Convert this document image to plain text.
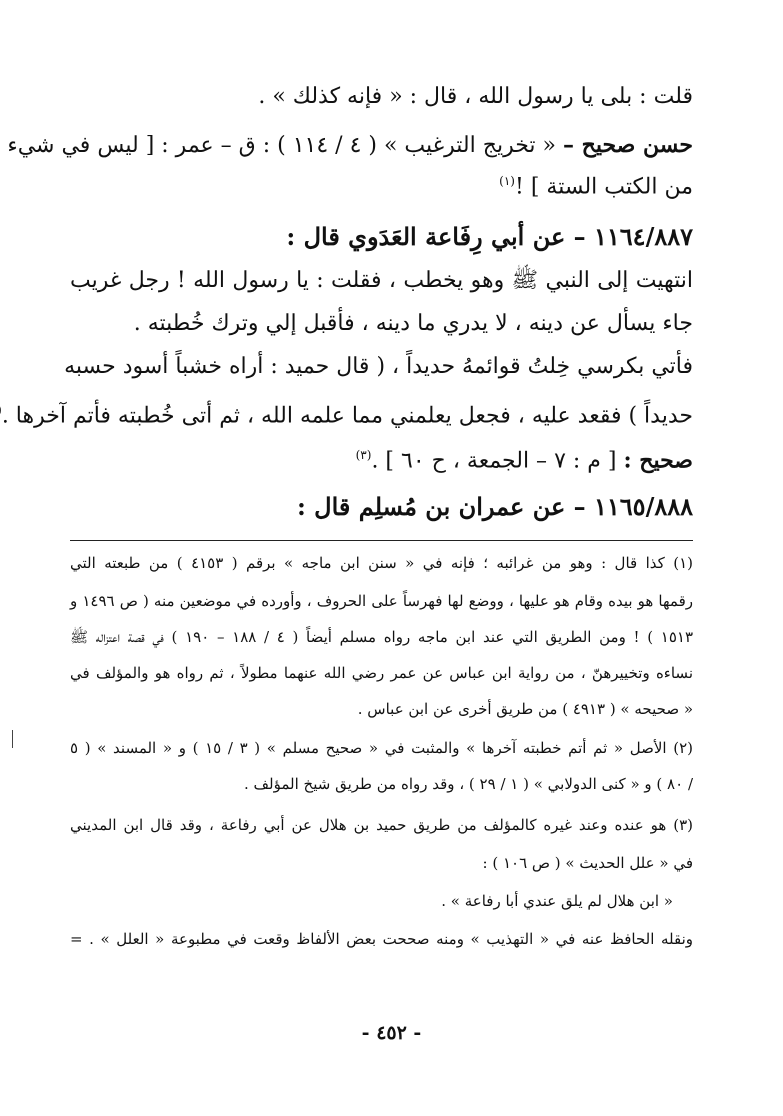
قلت : بلى يا رسول الله ، قال : « فإنه كذلك » .
حسن صحيح – « تخريج الترغيب » ( ٤ / ١١٤ ) : ق – عمر : [ ليس في شيء
من الكتب الستة ] !$^{(١)}$
١١٦٤/٨٨٧ – عن أبي رِفَاعة العَدَوي قال :
انتهيت إلى النبي ﷺ وهو يخطب ، فقلت : يا رسول الله ! رجل غريب
جاء يسأل عن دينه ، لا يدري ما دينه ، فأقبل إلي وترك خُطبته .
فأتي بكرسي خِلتُ قوائمهُ حديداً ، ( قال حميد : أراه خشباً أسود حسبه
حديداً ) فقعد عليه ، فجعل يعلمني مما علمه الله ، ثم أتى خُطبته فأتم آخرها .
صحيح : [ م : ٧ – الجمعة ، ح ٦٠ ] .$^{(٣)}$
١١٦٥/٨٨٨ – عن عمران بن مُسلِم قال :
(١) كذا قال : وهو من غرائبه ؛ فإنه في « سنن ابن ماجه » برقم ( ٤١٥٣ ) من طبعته التي
رقمها هو بيده وقام هو عليها ، ووضع لها فهرساً على الحروف ، وأورده في موضعين منه ( ص ١٤٩٦ و
١٥١٣ ) ! ومن الطريق التي عند ابن ماجه رواه مسلم أيضاً ( ٤ / ١٨٨ – ١٩٠ ) في قصة اعتزاله ﷺ
نساءه وتخييرهنّ ، من رواية ابن عباس عن عمر رضي الله عنهما مطولاً ، ثم رواه هو والمؤلف في
« صحيحه » ( ٤٩١٣ ) من طريق أخرى عن ابن عباس .
(٢) الأصل « ثم أتم خطبته آخرها » والمثبت في « صحيح مسلم » ( ٣ / ١٥ ) و « المسند » ( ٥
/ ٨٠ ) و « كنى الدولابي » ( ١ / ٢٩ ) ، وقد رواه من طريق شيخ المؤلف .
(٣) هو عنده وعند غيره كالمؤلف من طريق حميد بن هلال عن أبي رفاعة ، وقد قال ابن المديني
في « علل الحديث » ( ص ١٠٦ ) :
« ابن هلال لم يلق عندي أبا رفاعة » .
ونقله الحافظ عنه في « التهذيب » ومنه صححت بعض الألفاظ وقعت في مطبوعة « العلل » . =
- ٤٥٢ -
